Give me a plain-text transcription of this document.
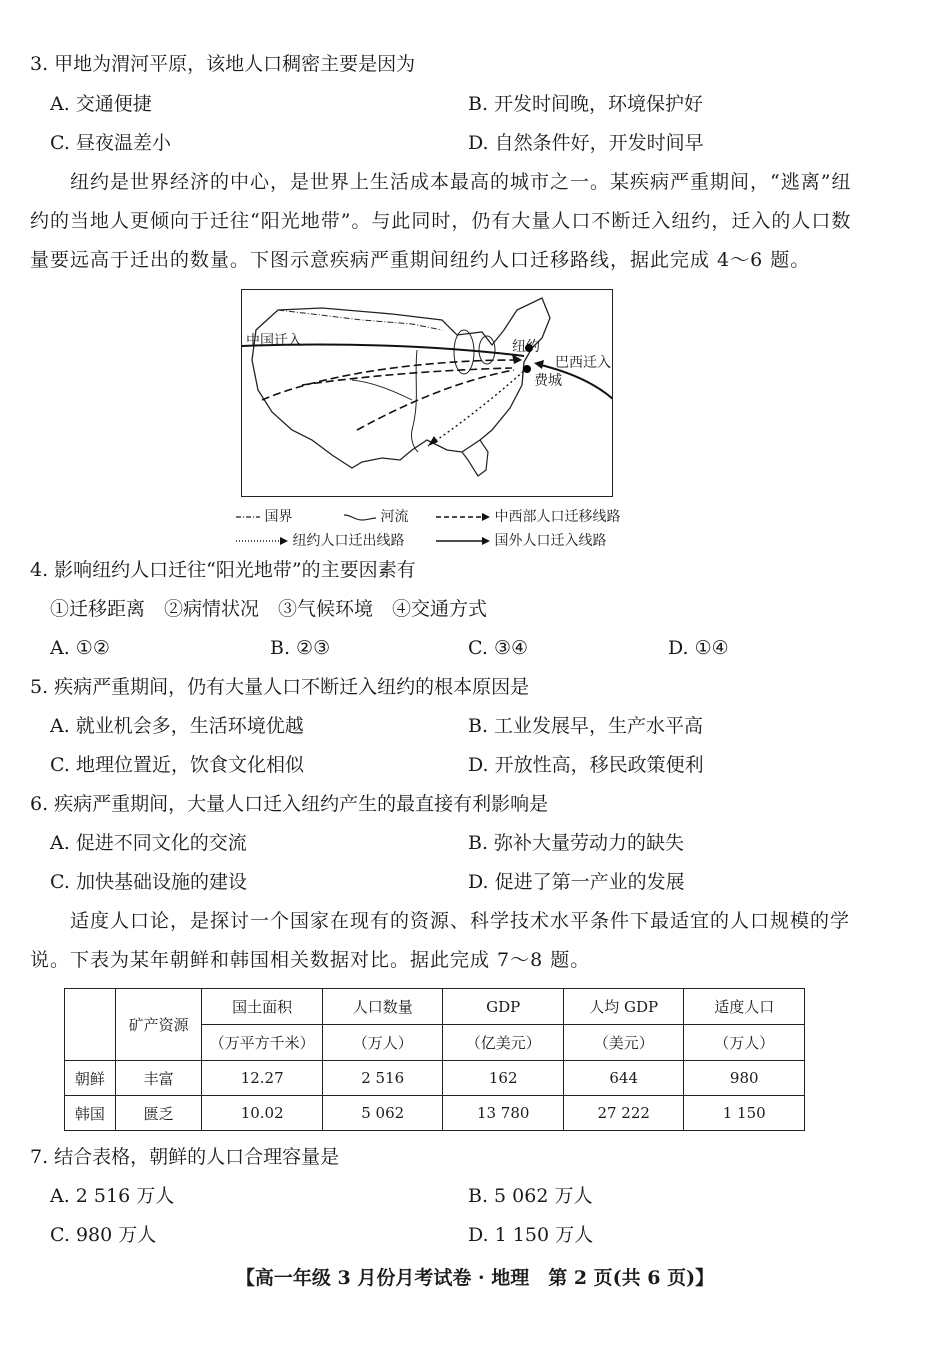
3. 甲地为渭河平原，该地人口稠密主要是因为
A. 交通便捷	B. 开发时间晚，环境保护好
C. 昼夜温差小	D. 自然条件好，开发时间早
纽约是世界经济的中心，是世界上生活成本最高的城市之一。某疾病严重期间，“逃离”纽
约的当地人更倾向于迁往“阳光地带”。与此同时，仍有大量人口不断迁入纽约，迁入的人口数
量要远高于迁出的数量。下图示意疾病严重期间纽约人口迁移路线，据此完成 4～6 题。
中国迁入	纽约
巴西迁入
费城
国界	河流	中西部人口迁移线路
纽约人口迁出线路	国外人口迁入线路
4. 影响纽约人口迁往“阳光地带”的主要因素有
①迁移距离　②病情状况　③气候环境　④交通方式
A. ①②	B. ②③	C. ③④	D. ①④
5. 疾病严重期间，仍有大量人口不断迁入纽约的根本原因是
A. 就业机会多，生活环境优越	B. 工业发展早，生产水平高
C. 地理位置近，饮食文化相似	D. 开放性高，移民政策便利
6. 疾病严重期间，大量人口迁入纽约产生的最直接有利影响是
A. 促进不同文化的交流	B. 弥补大量劳动力的缺失
C. 加快基础设施的建设	D. 促进了第一产业的发展
适度人口论，是探讨一个国家在现有的资源、科学技术水平条件下最适宜的人口规模的学
说。下表为某年朝鲜和韩国相关数据对比。据此完成 7～8 题。
	矿产资源	国土面积	人口数量	GDP	人均 GDP	适度人口
		（万平方千米）	（万人）	（亿美元）	（美元）	（万人）
朝鲜	丰富	12.27	2 516	162	644	980
韩国	匮乏	10.02	5 062	13 780	27 222	1 150
7. 结合表格，朝鲜的人口合理容量是
A. 2 516 万人	B. 5 062 万人
C. 980 万人	D. 1 150 万人
【高一年级 3 月份月考试卷 · 地理　第 2 页(共 6 页)】
